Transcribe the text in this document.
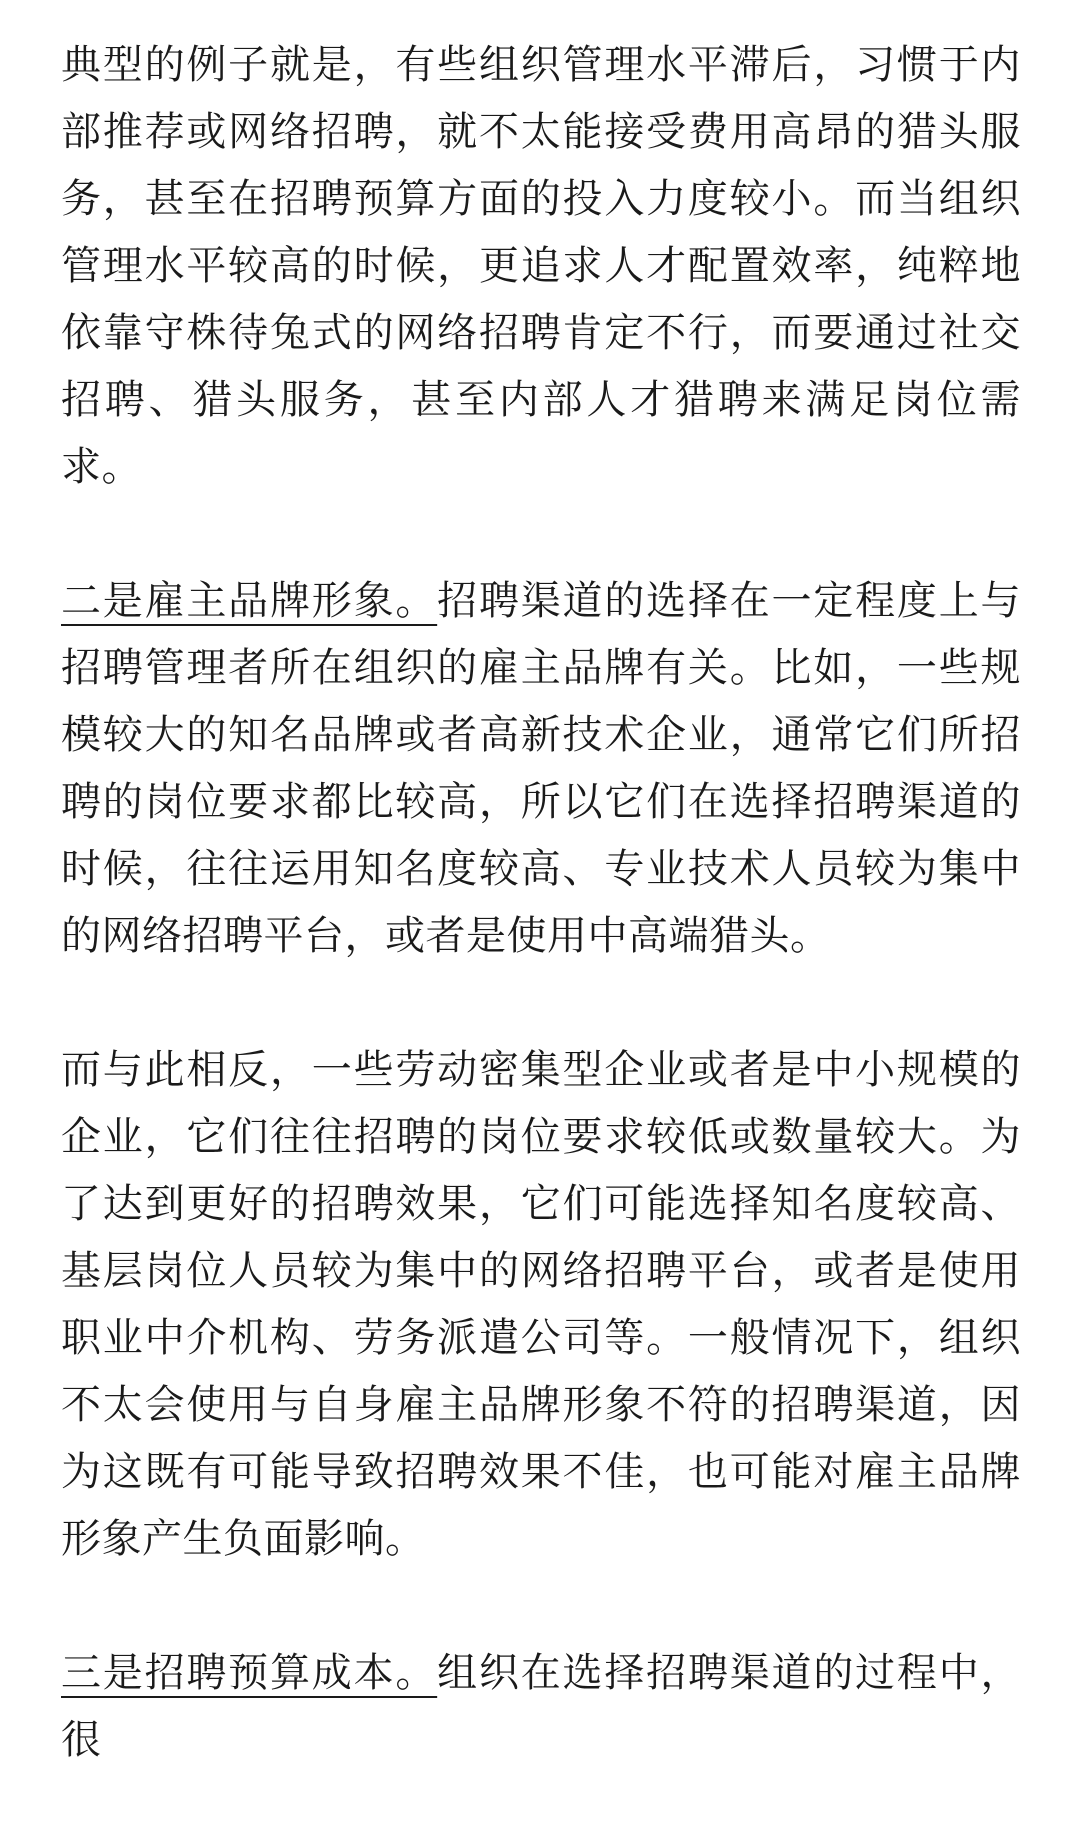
典型的例子就是，有些组织管理水平滞后，习惯于内部推荐或网络招聘，就不太能接受费用高昂的猎头服务，甚至在招聘预算方面的投入力度较小。而当组织管理水平较高的时候，更追求人才配置效率，纯粹地依靠守株待兔式的网络招聘肯定不行，而要通过社交招聘、猎头服务，甚至内部人才猎聘来满足岗位需求。

二是雇主品牌形象。招聘渠道的选择在一定程度上与招聘管理者所在组织的雇主品牌有关。比如，一些规模较大的知名品牌或者高新技术企业，通常它们所招聘的岗位要求都比较高，所以它们在选择招聘渠道的时候，往往运用知名度较高、专业技术人员较为集中的网络招聘平台，或者是使用中高端猎头。

而与此相反，一些劳动密集型企业或者是中小规模的企业，它们往往招聘的岗位要求较低或数量较大。为了达到更好的招聘效果，它们可能选择知名度较高、基层岗位人员较为集中的网络招聘平台，或者是使用职业中介机构、劳务派遣公司等。一般情况下，组织不太会使用与自身雇主品牌形象不符的招聘渠道，因为这既有可能导致招聘效果不佳，也可能对雇主品牌形象产生负面影响。

三是招聘预算成本。组织在选择招聘渠道的过程中，很
